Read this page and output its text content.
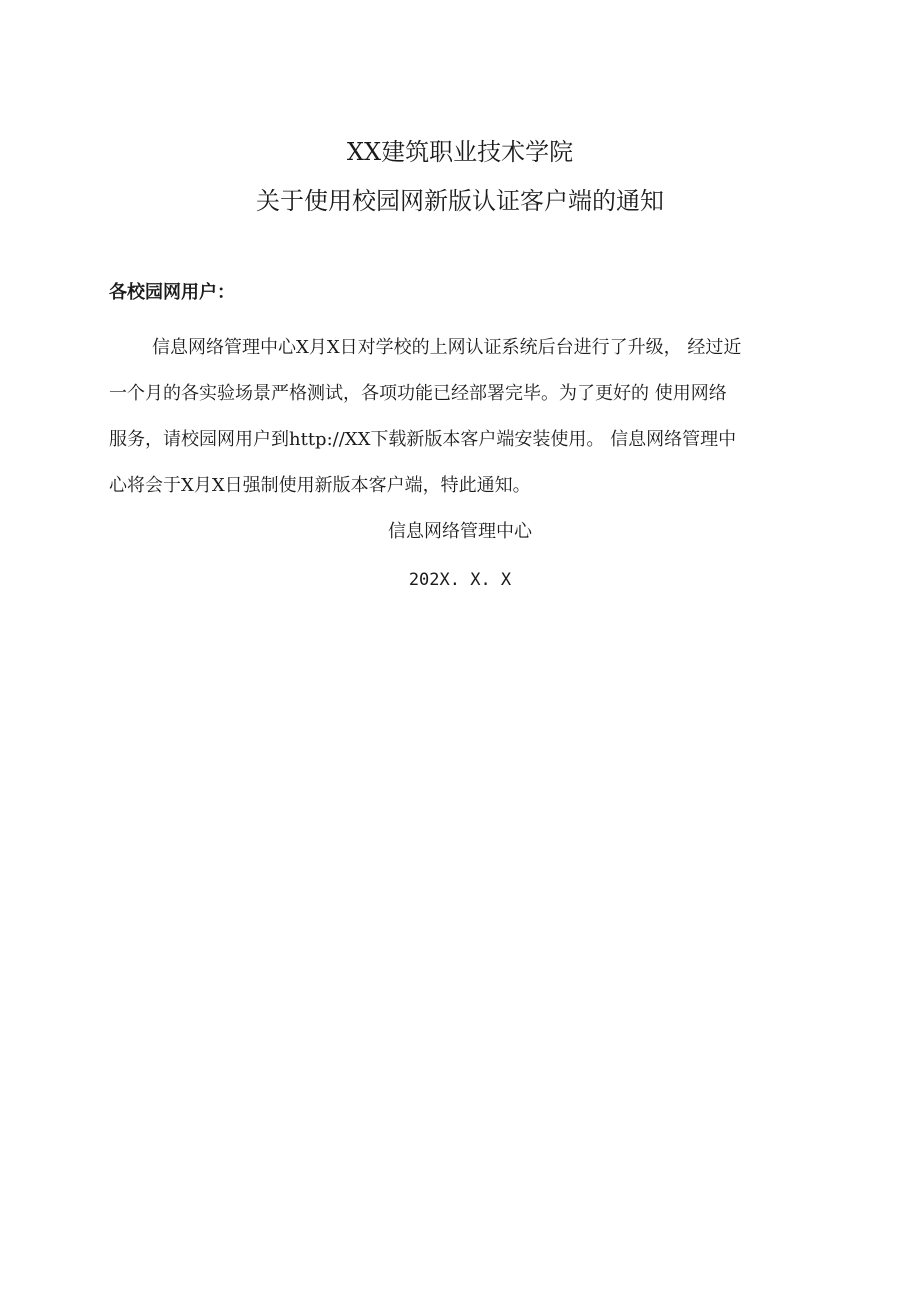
XX建筑职业技术学院
关于使用校园网新版认证客户端的通知

各校园网用户：

信息网络管理中心X月X日对学校的上网认证系统后台进行了升级， 经过近
一个月的各实验场景严格测试，各项功能已经部署完毕。为了更好的 使用网络
服务，请校园网用户到http://XX下载新版本客户端安装使用。 信息网络管理中
心将会于X月X日强制使用新版本客户端，特此通知。

信息网络管理中心

202X. X. X
